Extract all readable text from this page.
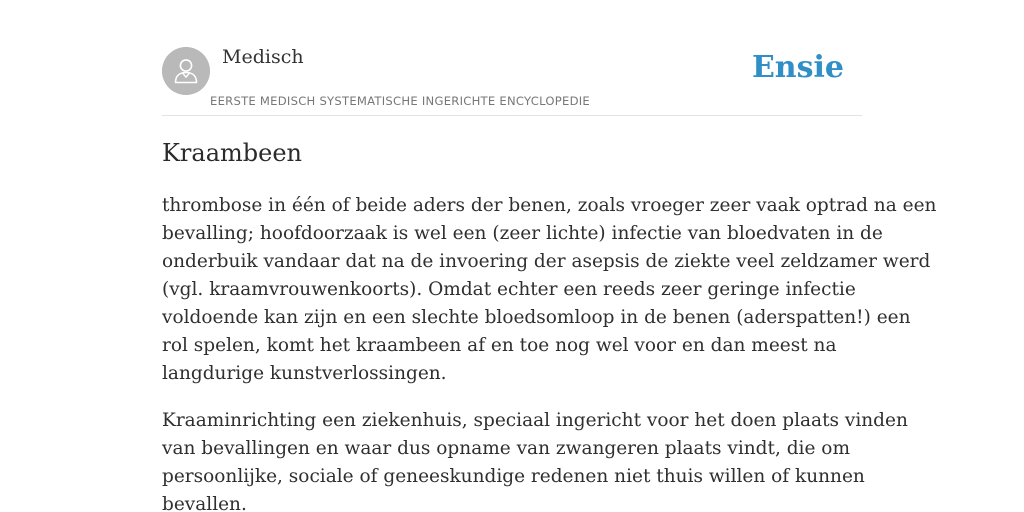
Medisch
EERSTE MEDISCH SYSTEMATISCHE INGERICHTE ENCYCLOPEDIE
Ensie
Kraambeen

thrombose in één of beide aders der benen, zoals vroeger zeer vaak optrad na een
bevalling; hoofdoorzaak is wel een (zeer lichte) infectie van bloedvaten in de
onderbuik vandaar dat na de invoering der asepsis de ziekte veel zeldzamer werd
(vgl. kraamvrouwenkoorts). Omdat echter een reeds zeer geringe infectie
voldoende kan zijn en een slechte bloedsomloop in de benen (aderspatten!) een
rol spelen, komt het kraambeen af en toe nog wel voor en dan meest na
langdurige kunstverlossingen.

Kraaminrichting een ziekenhuis, speciaal ingericht voor het doen plaats vinden
van bevallingen en waar dus opname van zwangeren plaats vindt, die om
persoonlijke, sociale of geneeskundige redenen niet thuis willen of kunnen
bevallen.
